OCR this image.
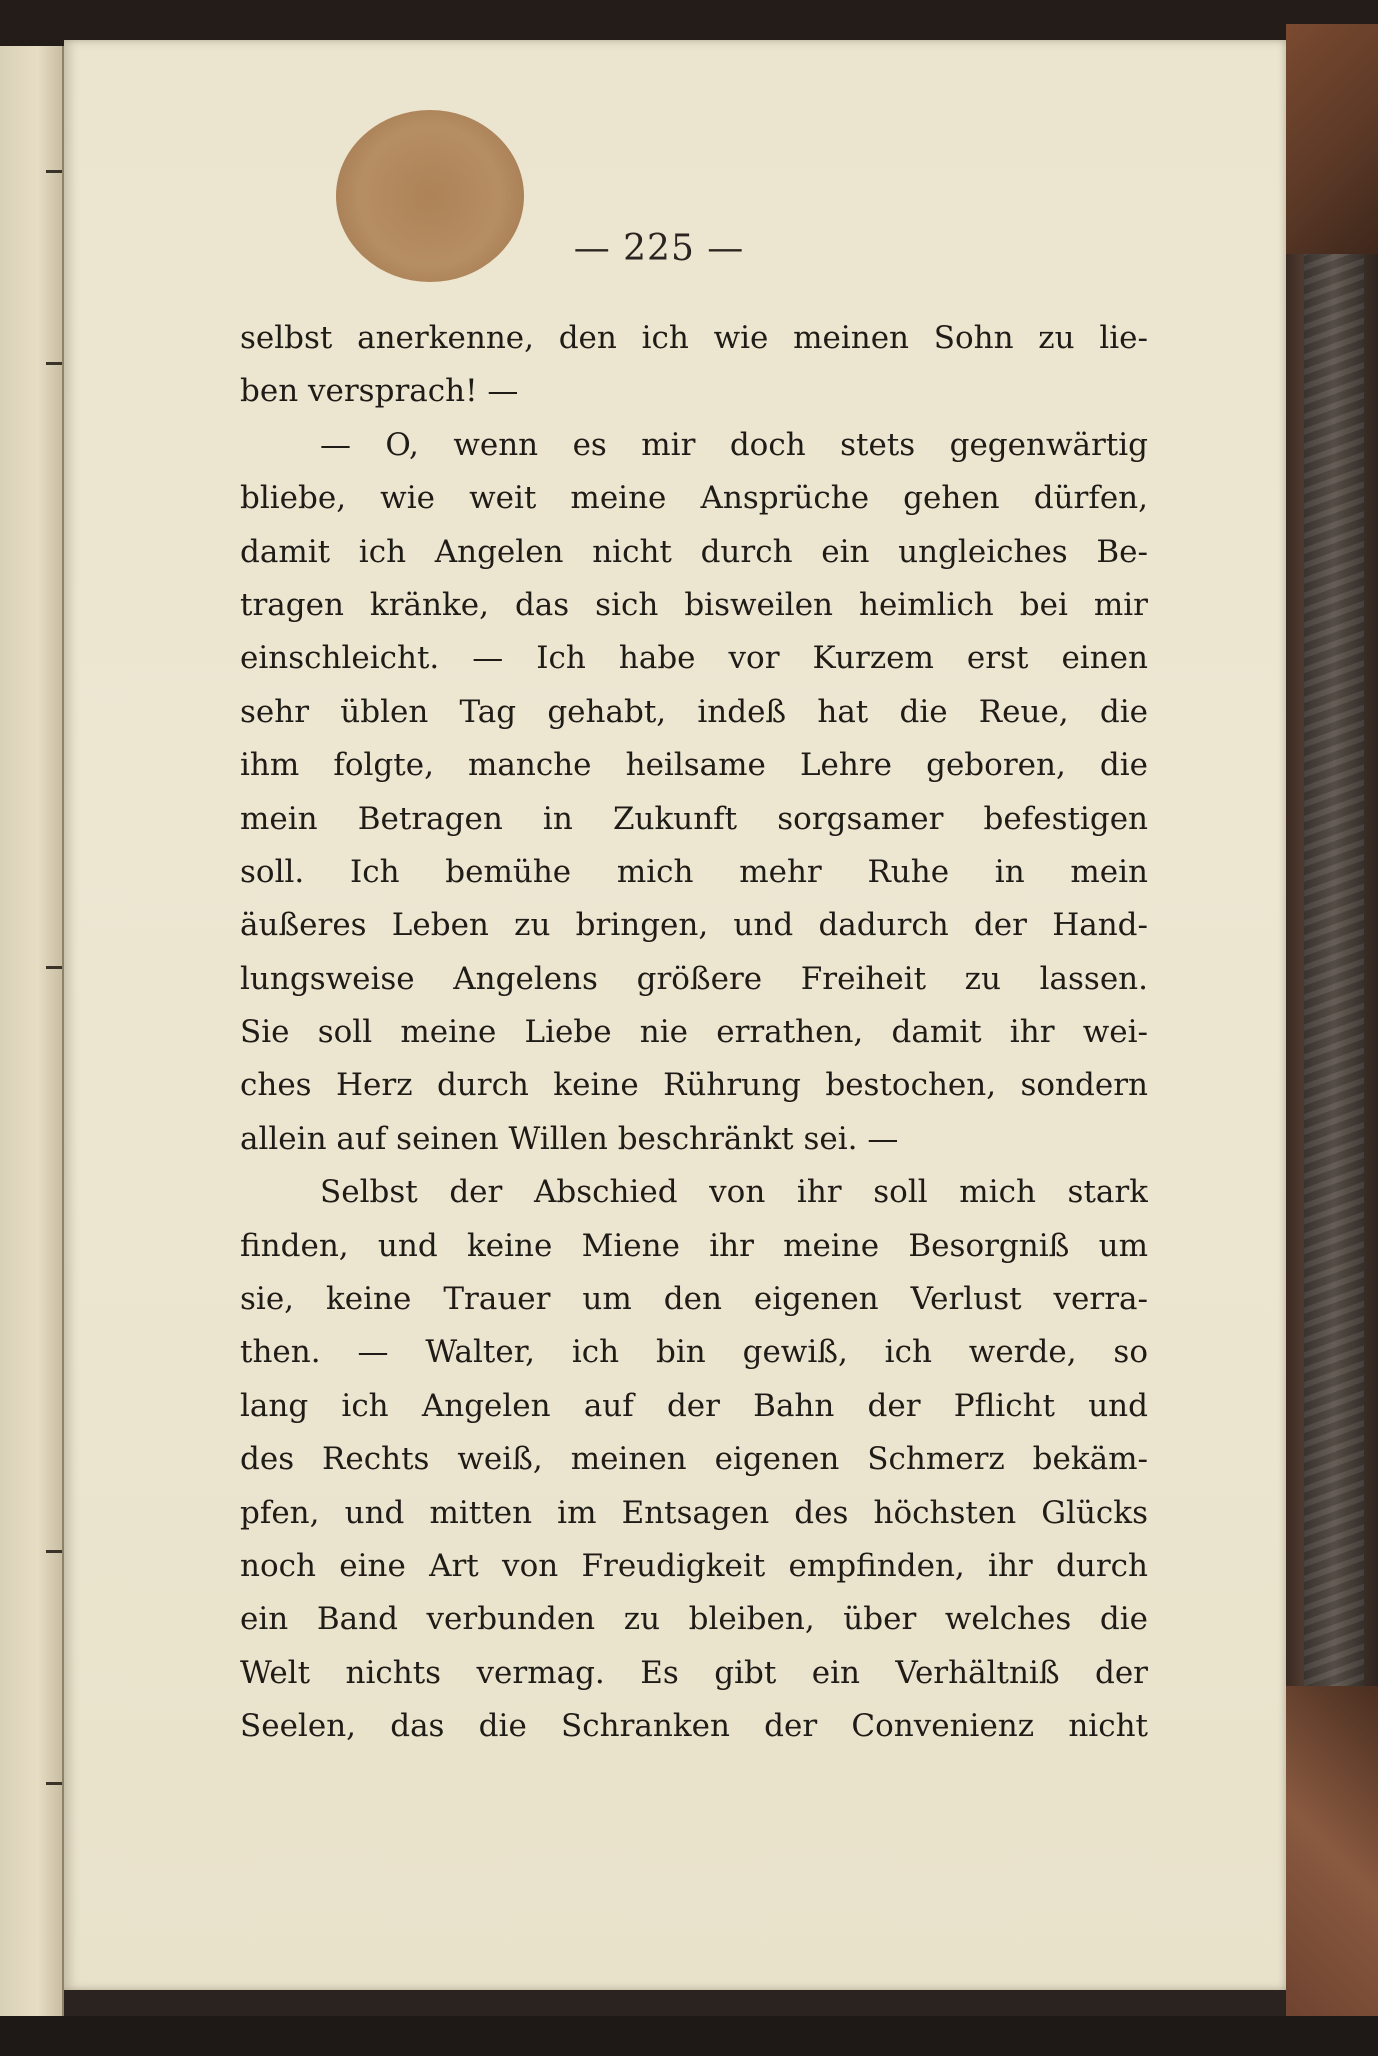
— 225 —
selbst anerkenne, den ich wie meinen Sohn zu lie-
ben versprach! —
— O, wenn es mir doch stets gegenwärtig
bliebe, wie weit meine Ansprüche gehen dürfen,
damit ich Angelen nicht durch ein ungleiches Be-
tragen kränke, das sich bisweilen heimlich bei mir
einschleicht. — Ich habe vor Kurzem erst einen
sehr üblen Tag gehabt, indeß hat die Reue, die
ihm folgte, manche heilsame Lehre geboren, die
mein Betragen in Zukunft sorgsamer befestigen
soll. Ich bemühe mich mehr Ruhe in mein
äußeres Leben zu bringen, und dadurch der Hand-
lungsweise Angelens größere Freiheit zu lassen.
Sie soll meine Liebe nie errathen, damit ihr wei-
ches Herz durch keine Rührung bestochen, sondern
allein auf seinen Willen beschränkt sei. —
Selbst der Abschied von ihr soll mich stark
finden, und keine Miene ihr meine Besorgniß um
sie, keine Trauer um den eigenen Verlust verra-
then. — Walter, ich bin gewiß, ich werde, so
lang ich Angelen auf der Bahn der Pflicht und
des Rechts weiß, meinen eigenen Schmerz bekäm-
pfen, und mitten im Entsagen des höchsten Glücks
noch eine Art von Freudigkeit empfinden, ihr durch
ein Band verbunden zu bleiben, über welches die
Welt nichts vermag. Es gibt ein Verhältniß der
Seelen, das die Schranken der Convenienz nicht
